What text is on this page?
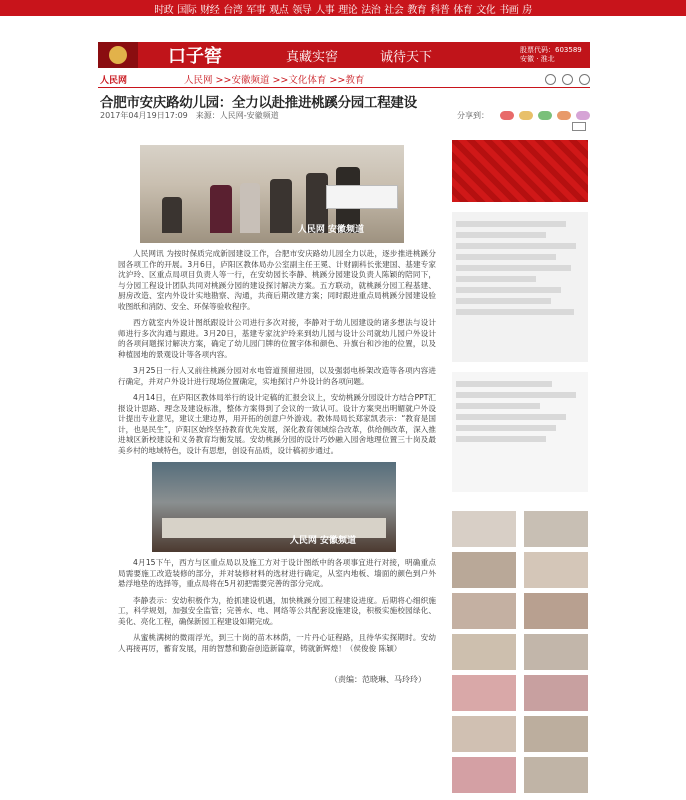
时政 国际 财经 台湾 军事 观点 领导 人事 理论 法治 社会 教育 科普 体育 文化 书画 房
口子窖	真藏实窖	诚待天下	股票代码：603589
安徽 · 淮北
人民网	人民网 >>安徽频道 >>文化体育 >>教育
合肥市安庆路幼儿园：全力以赴推进桃蹊分园工程建设
2017年04月19日17:09 来源：人民网-安徽频道	分享到：
人民网 安徽频道

人民网讯 为按时保质完成新园建设工作，合肥市安庆路幼儿园全力以赴，逐步推进桃蹊分园各项工作的开展。3月6日，庐阳区教体局办公室副主任王冕、计财副科长张建国、基建专家沈沪玲、区重点局项目负责人等一行，在安幼园长李静、桃蹊分园建设负责人陈颖的陪同下，与分园工程设计团队共同对桃蹊分园的建设探讨解决方案。五方联动，就桃蹊分园工程基建、厨房改造、室内外设计实地勘察、沟通，共商后期改建方案；同时跟进重点局桃蹊分园建设验收图纸和消防、安全、环保等验收程序。

西方就室内外设计图纸跟设计公司进行多次对接，李静对于幼儿园建设的诸多想法与设计师进行多次沟通与跟进。3月20日，基建专家沈沪玲来到幼儿园与设计公司就幼儿园户外设计的各项问题探讨解决方案，确定了幼儿园门牌的位置字体和颜色、升旗台和沙池的位置，以及种植园地的景观设计等各项内容。

3月25日一行人又前往桃蹊分园对水电管道预留进园，以及强弱电桥架改造等各项内容进行确定，并对户外设计进行现场位置确定，实地探讨户外设计的各项问题。

4月14日，在庐阳区教体局举行的设计定稿的汇报会议上，安幼桃蹊分园设计方结合PPT汇报设计思路、理念及建设标准，整体方案得到了会议的一致认可。设计方案突出明媚就户外设计提出专业意见，建议土建边界，用开拓的创意户外游戏。教体局局长郑家凯表示：“教育是国计，也是民生”，庐阳区始终坚持教育优先发展，深化教育领域综合改革，供给侧改革，深入推进城区新校建设和义务教育均衡发展。安幼桃蹊分园的设计巧妙融入园舍地理位置三十岗及最美乡村的地域特色，设计有思想，创设有品质，设计稿初步通过。

人民网 安徽频道

4月15下午，西方与区重点局以及施工方对于设计图纸中的各项事宜进行对接，明确重点局需要施工改造装修的部分，并对装修材料的选材进行确定，从室内地板、墙面的颜色到户外悬浮地垫的选择等，重点局将在5月初把需要完善的部分完成。

李静表示：安幼积极作为，抢抓建设机遇，加快桃蹊分园工程建设进度。后期将心细织施工，科学规划，加强安全监管；完善水、电、网络等公共配套设施建设，积极实施校园绿化、美化、亮化工程，确保新园工程建设如期完成。

从蜜桃满树的微雨浮光，到三十岗的苗木林荫，一片丹心证程路，且待华实探期时。安幼人再接再厉，蓄育发展，用的智慧和勤奋创造新篇章，铸就新辉煌！（侯俊俊 陈颖）

（责编：范晓琳、马玲玲）
